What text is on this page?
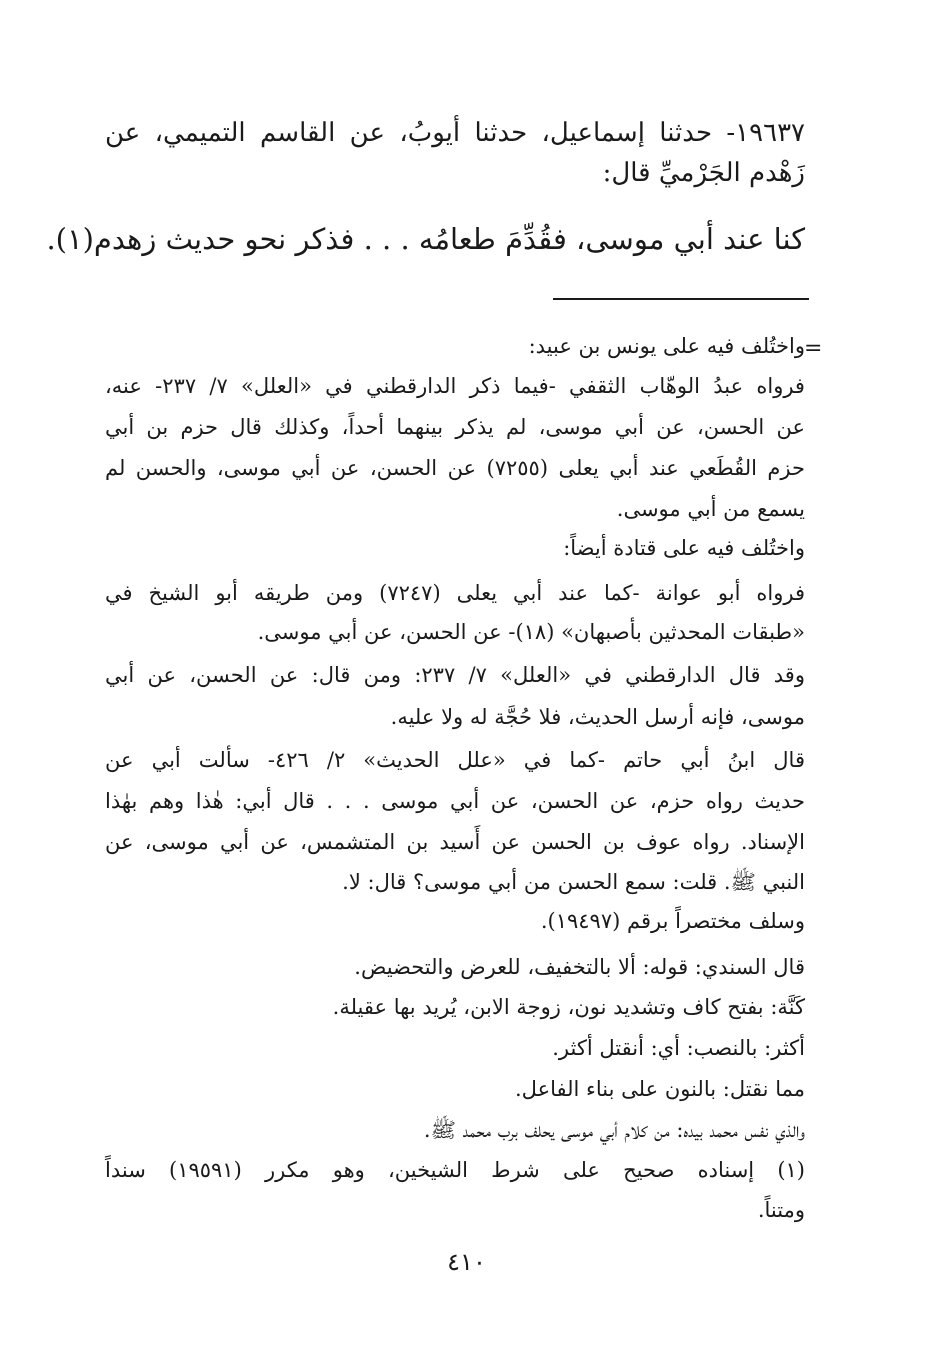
١٩٦٣٧- حدثنا إسماعيل، حدثنا أيوبُ، عن القاسم التميمي، عن
زَهْدم الجَرْميِّ قال:
كنا عند أبي موسى، فقُدِّمَ طعامُه . . . فذكر نحو حديث زهدم(١).
=
واختُلف فيه على يونس بن عبيد:
فرواه عبدُ الوهّاب الثقفي -فيما ذكر الدارقطني في «العلل» ٧/ ٢٣٧- عنه،
عن الحسن، عن أبي موسى، لم يذكر بينهما أحداً، وكذلك قال حزم بن أبي
حزم القُطَعي عند أبي يعلى (٧٢٥٥) عن الحسن، عن أبي موسى، والحسن لم
يسمع من أبي موسى.
واختُلف فيه على قتادة أيضاً:
فرواه أبو عوانة -كما عند أبي يعلى (٧٢٤٧) ومن طريقه أبو الشيخ في
«طبقات المحدثين بأصبهان» (١٨)- عن الحسن، عن أبي موسى.
وقد قال الدارقطني في «العلل» ٧/ ٢٣٧: ومن قال: عن الحسن، عن أبي
موسى، فإنه أرسل الحديث، فلا حُجَّة له ولا عليه.
قال ابنُ أبي حاتم -كما في «علل الحديث» ٢/ ٤٢٦- سألت أبي عن
حديث رواه حزم، عن الحسن، عن أبي موسى . . . قال أبي: هٰذا وهم بهٰذا
الإسناد. رواه عوف بن الحسن عن أَسيد بن المتشمس، عن أبي موسى، عن
النبي ﷺ. قلت: سمع الحسن من أبي موسى؟ قال: لا.
وسلف مختصراً برقم (١٩٤٩٧).
قال السندي: قوله: ألا بالتخفيف، للعرض والتحضيض.
كَنَّة: بفتح كاف وتشديد نون، زوجة الابن، يُريد بها عقيلة.
أكثر: بالنصب: أي: أنقتل أكثر.
مما نقتل: بالنون على بناء الفاعل.
والذي نفس محمد بيده: من كلام أبي موسى يحلف برب محمد ﷺ.
(١) إسناده صحيح على شرط الشيخين، وهو مكرر (١٩٥٩١) سنداً
ومتناً.
٤١٠
